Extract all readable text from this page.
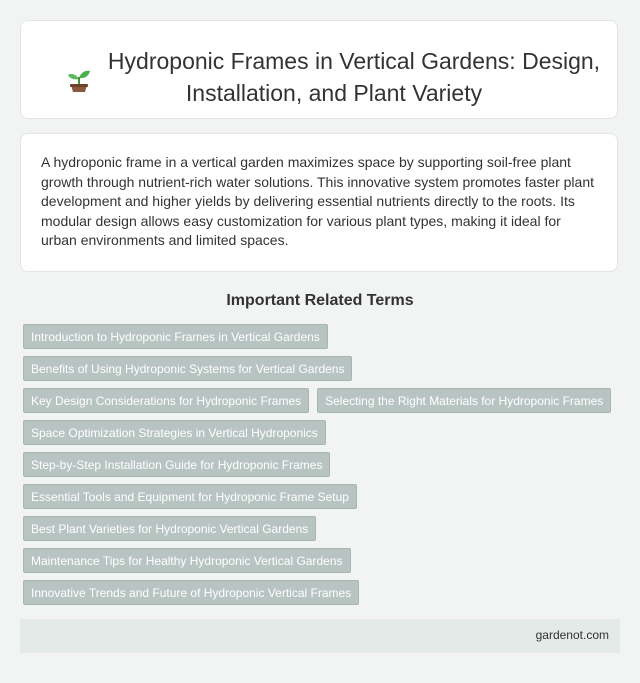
Hydroponic Frames in Vertical Gardens: Design, Installation, and Plant Variety

A hydroponic frame in a vertical garden maximizes space by supporting soil-free plant growth through nutrient-rich water solutions. This innovative system promotes faster plant development and higher yields by delivering essential nutrients directly to the roots. Its modular design allows easy customization for various plant types, making it ideal for urban environments and limited spaces.

Important Related Terms
Introduction to Hydroponic Frames in Vertical Gardens
Benefits of Using Hydroponic Systems for Vertical Gardens
Key Design Considerations for Hydroponic Frames	Selecting the Right Materials for Hydroponic Frames
Space Optimization Strategies in Vertical Hydroponics
Step-by-Step Installation Guide for Hydroponic Frames
Essential Tools and Equipment for Hydroponic Frame Setup
Best Plant Varieties for Hydroponic Vertical Gardens
Maintenance Tips for Healthy Hydroponic Vertical Gardens
Innovative Trends and Future of Hydroponic Vertical Frames
gardenot.com
